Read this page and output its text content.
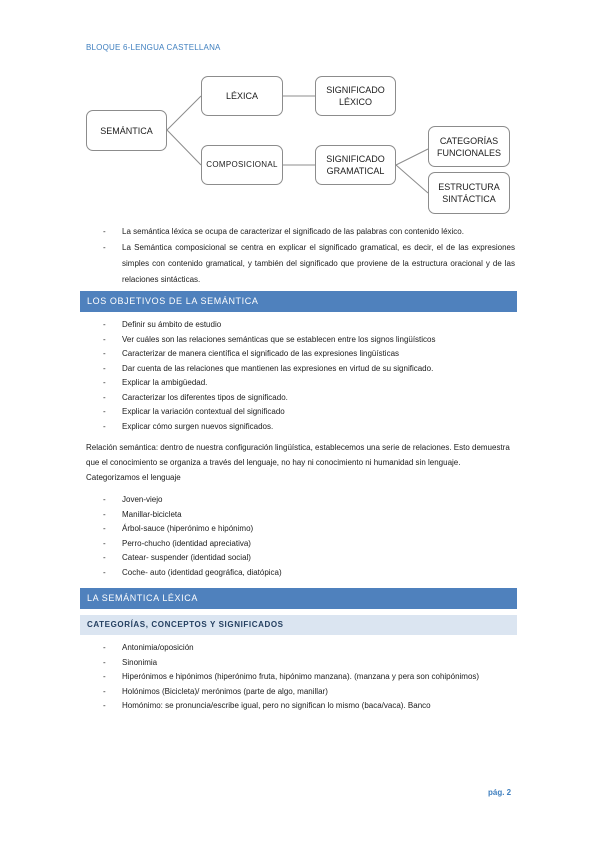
BLOQUE 6-LENGUA CASTELLANA
SEMÁNTICA
LÉXICA
SIGNIFICADO
LÉXICO
COMPOSICIONAL
SIGNIFICADO
GRAMATICAL
CATEGORÍAS
FUNCIONALES
ESTRUCTURA
SINTÁCTICA
- La semántica léxica se ocupa de caracterizar el significado de las palabras con contenido léxico.
- La Semántica composicional se centra en explicar el significado gramatical, es decir, el de las expresiones simples con contenido gramatical, y también del significado que proviene de la estructura oracional y de las relaciones sintácticas.
LOS OBJETIVOS DE LA SEMÁNTICA
- Definir su ámbito de estudio
- Ver cuáles son las relaciones semánticas que se establecen entre los signos lingüísticos
- Caracterizar de manera científica el significado de las expresiones lingüísticas
- Dar cuenta de las relaciones que mantienen las expresiones en virtud de su significado.
- Explicar la ambigüedad.
- Caracterizar los diferentes tipos de significado.
- Explicar la variación contextual del significado
- Explicar cómo surgen nuevos significados.
Relación semántica: dentro de nuestra configuración lingüística, establecemos una serie de relaciones. Esto demuestra que el conocimiento se organiza a través del lenguaje, no hay ni conocimiento ni humanidad sin lenguaje. Categorizamos el lenguaje
- Joven-viejo
- Manillar-bicicleta
- Árbol-sauce (hiperónimo e hipónimo)
- Perro-chucho (identidad apreciativa)
- Catear- suspender (identidad social)
- Coche- auto (identidad geográfica, diatópica)
LA SEMÁNTICA LÉXICA
CATEGORÍAS, CONCEPTOS Y SIGNIFICADOS
- Antonimia/oposición
- Sinonimia
- Hiperónimos e hipónimos (hiperónimo fruta, hipónimo manzana). (manzana y pera son cohipónimos)
- Holónimos (Bicicleta)/ merónimos (parte de algo, manillar)
- Homónimo: se pronuncia/escribe igual, pero no significan lo mismo (baca/vaca). Banco
pág. 2
